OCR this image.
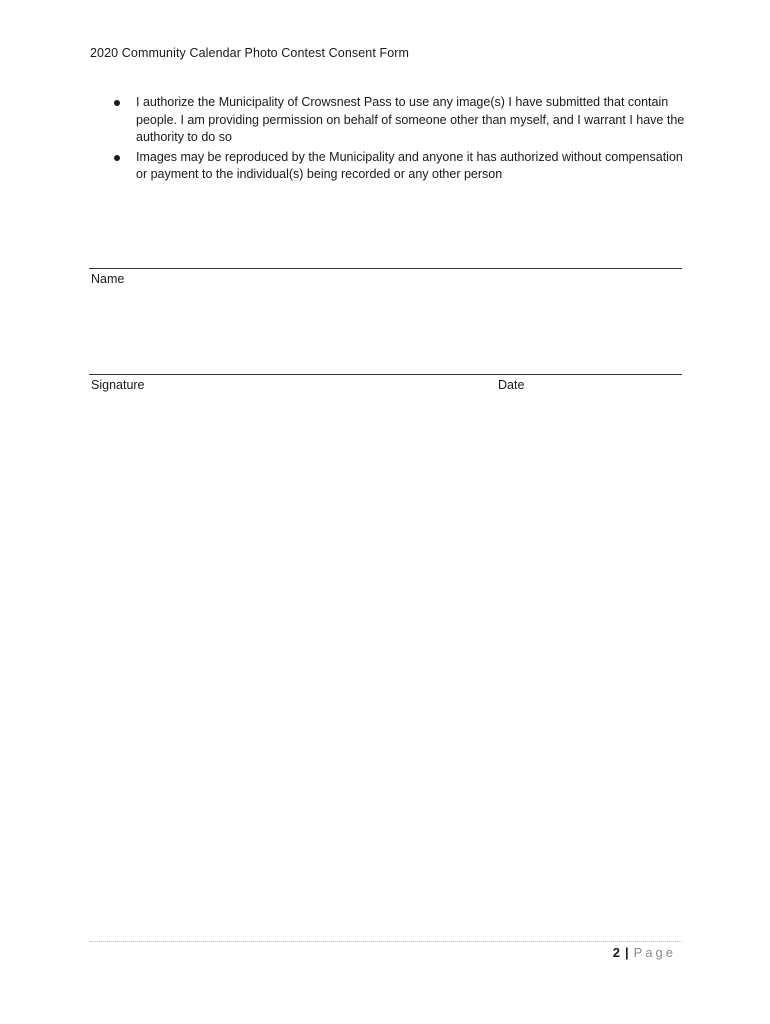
2020 Community Calendar Photo Contest Consent Form
I authorize the Municipality of Crowsnest Pass to use any image(s) I have submitted that contain people. I am providing permission on behalf of someone other than myself, and I warrant I have the authority to do so
Images may be reproduced by the Municipality and anyone it has authorized without compensation or payment to the individual(s) being recorded or any other person
Name
Signature	Date
2 | Page
